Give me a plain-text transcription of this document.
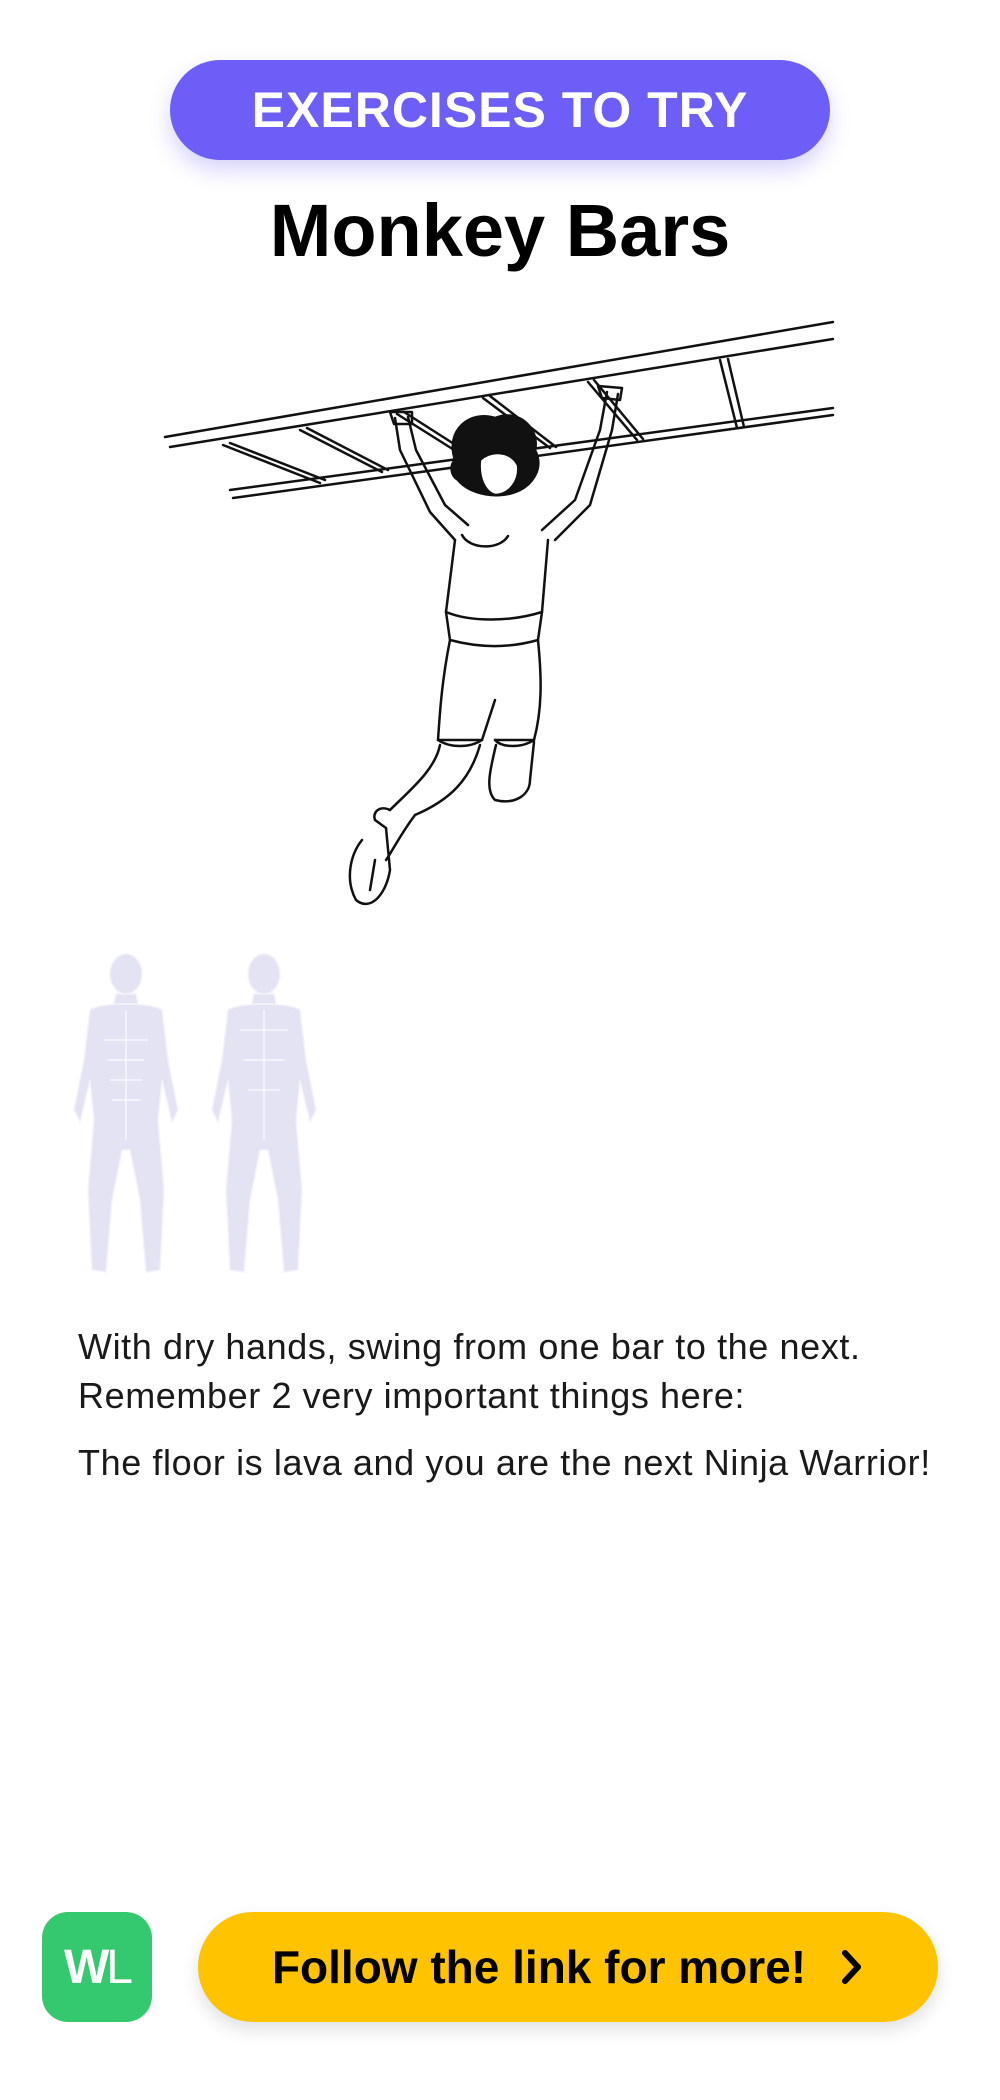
EXERCISES TO TRY
Monkey Bars

With dry hands, swing from one bar to the next. Remember 2 very important things here:

The floor is lava and you are the next Ninja Warrior!

W L	Follow the link for more!
